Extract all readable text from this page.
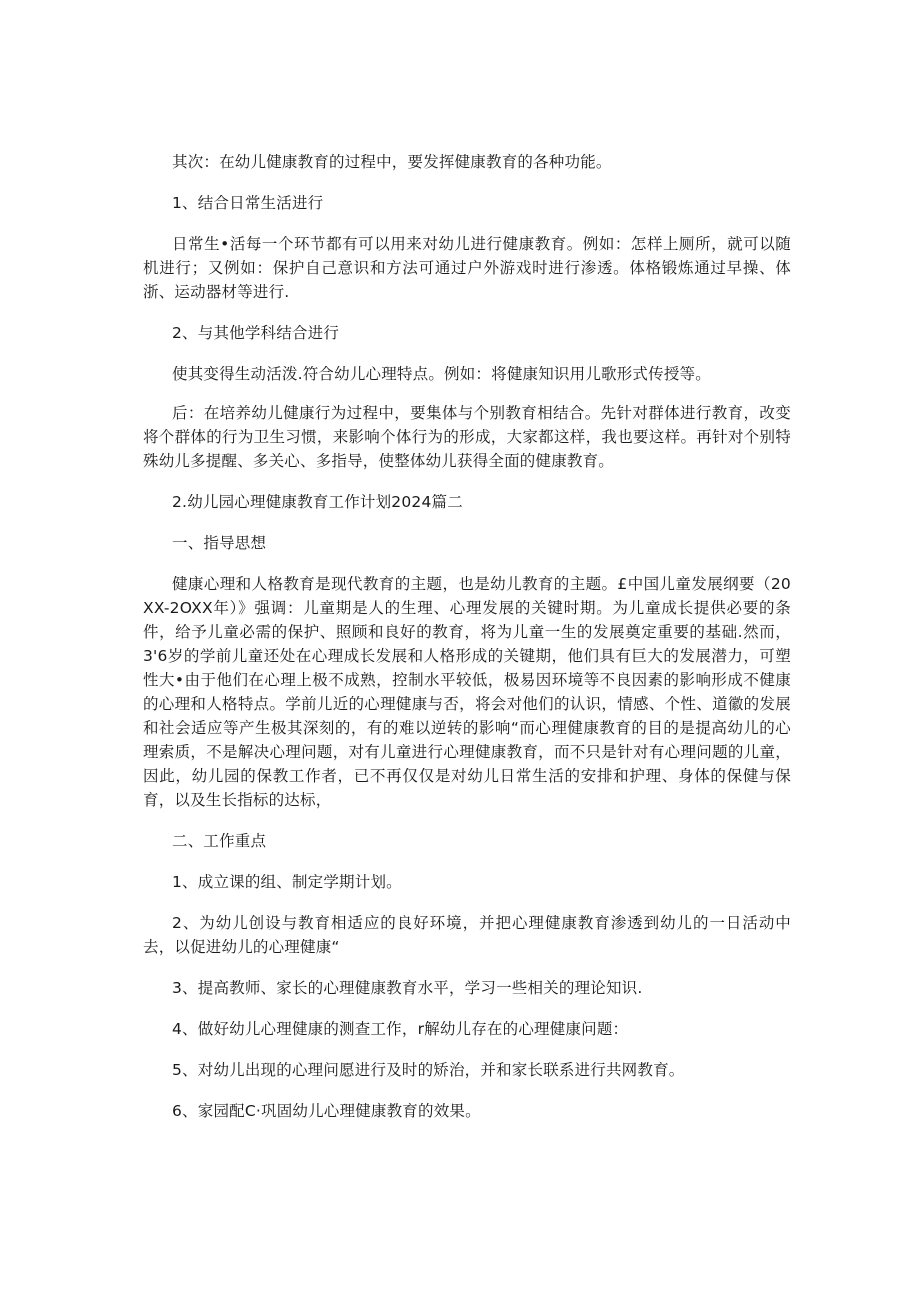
其次：在幼儿健康教育的过程中，要发挥健康教育的各种功能。

1、结合日常生活进行

日常生•活每一个环节都有可以用来对幼儿进行健康教育。例如：怎样上厕所，就可以随机进行；又例如：保护自己意识和方法可通过户外游戏时进行渗透。体格锻炼通过早操、体浙、运动器材等进行.

2、与其他学科结合进行

使其变得生动活泼.符合幼儿心理特点。例如：将健康知识用儿歌形式传授等。

后：在培养幼儿健康行为过程中，要集体与个别教育相结合。先针对群体进行教育，改变将个群体的行为卫生习惯，来影响个体行为的形成，大家都这样，我也要这样。再针对个别特殊幼儿多提醒、多关心、多指导，使整体幼儿获得全面的健康教育。

2.幼儿园心理健康教育工作计划2024篇二

一、指导思想

健康心理和人格教育是现代教育的主题，也是幼儿教育的主题。£中国儿童发展纲要（20XX-2OXX年）》强调：儿童期是人的生理、心理发展的关键时期。为儿童成长提供必要的条件，给予儿童必需的保护、照顾和良好的教育，将为儿童一生的发展奠定重要的基础.然而，3'6岁的学前儿童还处在心理成长发展和人格形成的关键期，他们具有巨大的发展潜力，可塑性大•由于他们在心理上极不成熟，控制水平较低，极易因环境等不良因素的影响形成不健康的心理和人格特点。学前儿近的心理健康与否，将会对他们的认识，情感、个性、道徽的发展和社会适应等产生极其深刻的，有的难以逆转的影响“而心理健康教育的目的是提高幼儿的心理索质，不是解决心理问题，对有儿童进行心理健康教育，而不只是针对有心理问题的儿童，因此，幼儿园的保教工作者，已不再仅仅是对幼儿日常生活的安排和护理、身体的保健与保育，以及生长指标的达标，

二、工作重点

1、成立课的组、制定学期计划。

2、为幼儿创设与教育相适应的良好环境，并把心理健康教育渗透到幼儿的一日活动中去，以促进幼儿的心理健康“

3、提高教师、家长的心理健康教育水平，学习一些相关的理论知识.

4、做好幼儿心理健康的测查工作，r解幼儿存在的心理健康问题：

5、对幼儿出现的心理问愿进行及时的矫治，并和家长联系进行共网教育。

6、家园配C·巩固幼儿心理健康教育的效果。
